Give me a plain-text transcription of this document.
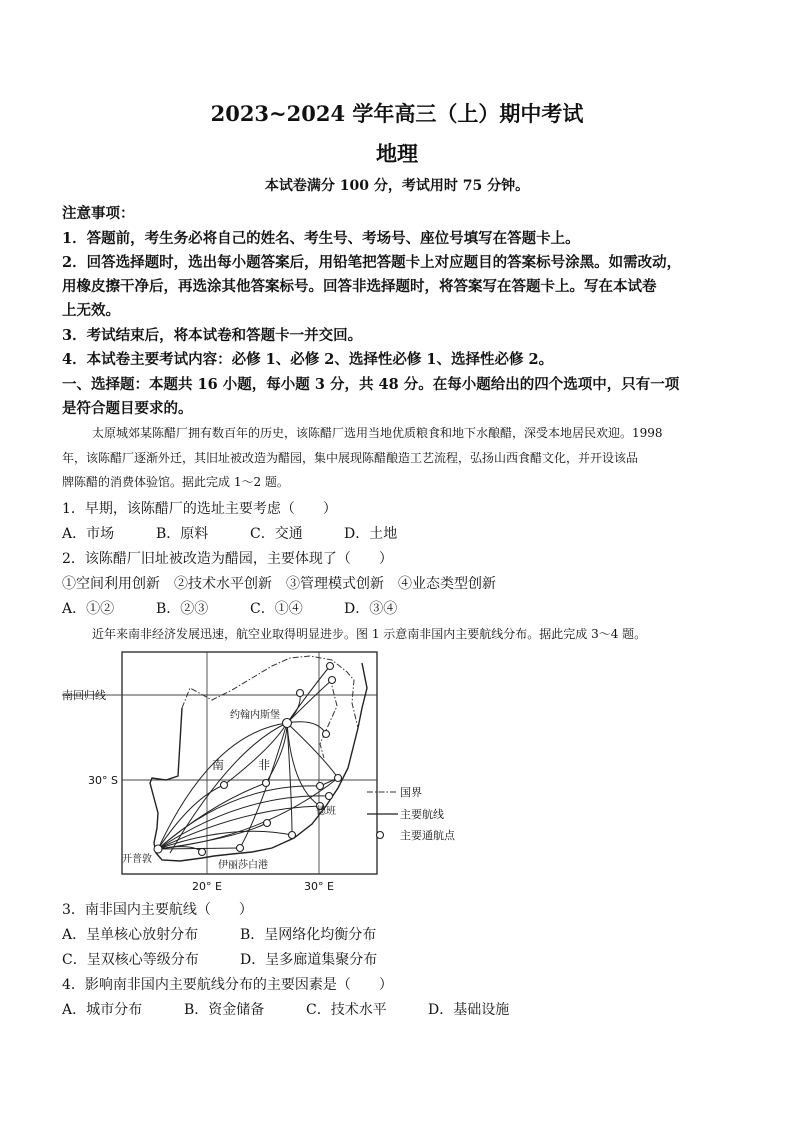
2023~2024 学年高三（上）期中考试
地理
本试卷满分 100 分，考试用时 75 分钟。
注意事项：
1．答题前，考生务必将自己的姓名、考生号、考场号、座位号填写在答题卡上。
2．回答选择题时，选出每小题答案后，用铅笔把答题卡上对应题目的答案标号涂黑。如需改动，
用橡皮擦干净后，再选涂其他答案标号。回答非选择题时，将答案写在答题卡上。写在本试卷
上无效。
3．考试结束后，将本试卷和答题卡一并交回。
4．本试卷主要考试内容：必修 1、必修 2、选择性必修 1、选择性必修 2。
一、选择题：本题共 16 小题，每小题 3 分，共 48 分。在每小题给出的四个选项中，只有一项
是符合题目要求的。
太原城郊某陈醋厂拥有数百年的历史，该陈醋厂选用当地优质粮食和地下水酿醋，深受本地居民欢迎。1998
年，该陈醋厂逐渐外迁，其旧址被改造为醋园，集中展现陈醋酿造工艺流程，弘扬山西食醋文化，并开设该品
牌陈醋的消费体验馆。据此完成 1～2 题。
1．早期，该陈醋厂的选址主要考虑（　　）
A．市场	B．原料	C．交通	D．土地
2．该陈醋厂旧址被改造为醋园，主要体现了（　　）
①空间利用创新　②技术水平创新　③管理模式创新　④业态类型创新
A．①②	B．②③	C．①④	D．③④
近年来南非经济发展迅速，航空业取得明显进步。图 1 示意南非国内主要航线分布。据此完成 3～4 题。
南回归线
30° S
20° E	30° E
南	非
约翰内斯堡
德班
开普敦
伊丽莎白港
国界
主要航线
主要通航点
3．南非国内主要航线（　　）
A．呈单核心放射分布	B．呈网络化均衡分布
C．呈双核心等级分布	D．呈多廊道集聚分布
4．影响南非国内主要航线分布的主要因素是（　　）
A．城市分布	B．资金储备	C．技术水平	D．基础设施
